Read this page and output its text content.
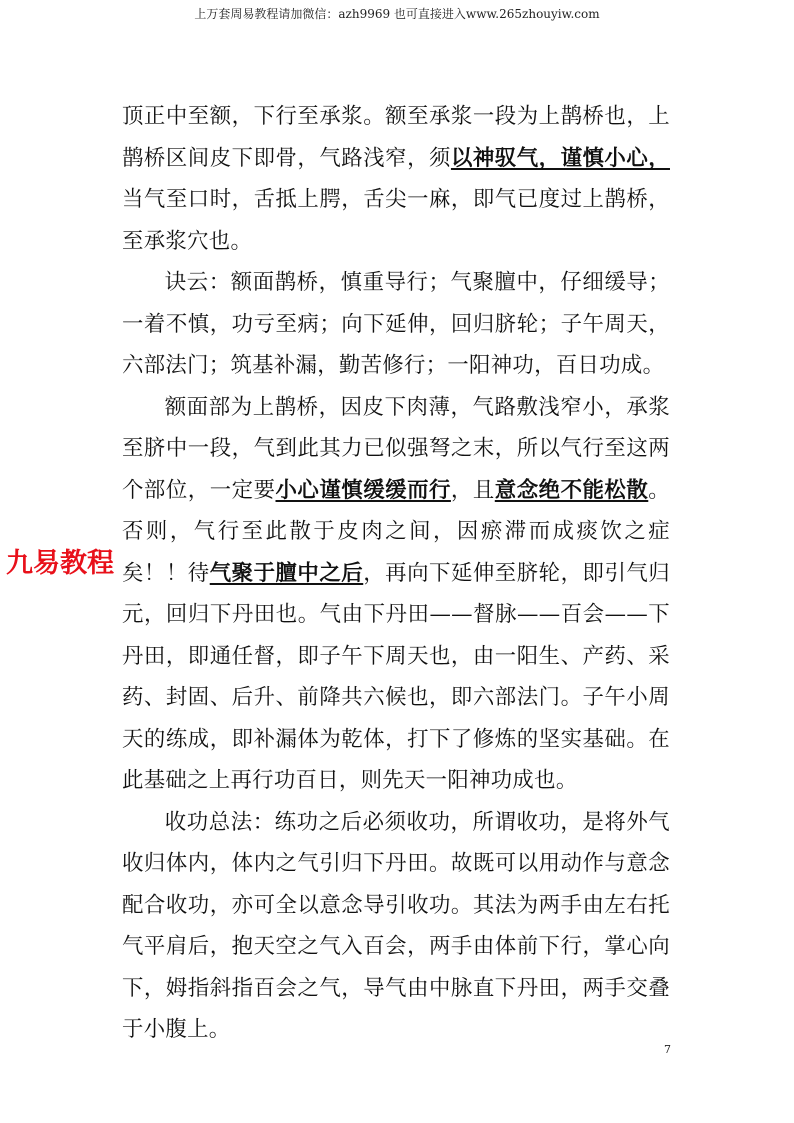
上万套周易教程请加微信：azh9969 也可直接进入www.265zhouyiw.com

顶正中至额，下行至承浆。额至承浆一段为上鹊桥也，上鹊桥区间皮下即骨，气路浅窄，须以神驭气，谨慎小心，当气至口时，舌抵上腭，舌尖一麻，即气已度过上鹊桥，至承浆穴也。

诀云：额面鹊桥，慎重导行；气聚膻中，仔细缓导；一着不慎，功亏至病；向下延伸，回归脐轮；子午周天，六部法门；筑基补漏，勤苦修行；一阳神功，百日功成。

额面部为上鹊桥，因皮下肉薄，气路敷浅窄小，承浆至脐中一段，气到此其力已似强弩之末，所以气行至这两个部位，一定要小心谨慎缓缓而行，且意念绝不能松散。否则，气行至此散于皮肉之间，因瘀滞而成痰饮之症矣！！待气聚于膻中之后，再向下延伸至脐轮，即引气归元，回归下丹田也。气由下丹田——督脉——百会——下丹田，即通任督，即子午下周天也，由一阳生、产药、采药、封固、后升、前降共六候也，即六部法门。子午小周天的练成，即补漏体为乾体，打下了修炼的坚实基础。在此基础之上再行功百日，则先天一阳神功成也。

收功总法：练功之后必须收功，所谓收功，是将外气收归体内，体内之气引归下丹田。故既可以用动作与意念配合收功，亦可全以意念导引收功。其法为两手由左右托气平肩后，抱天空之气入百会，两手由体前下行，掌心向下，姆指斜指百会之气，导气由中脉直下丹田，两手交叠于小腹上。

九易教程
7
